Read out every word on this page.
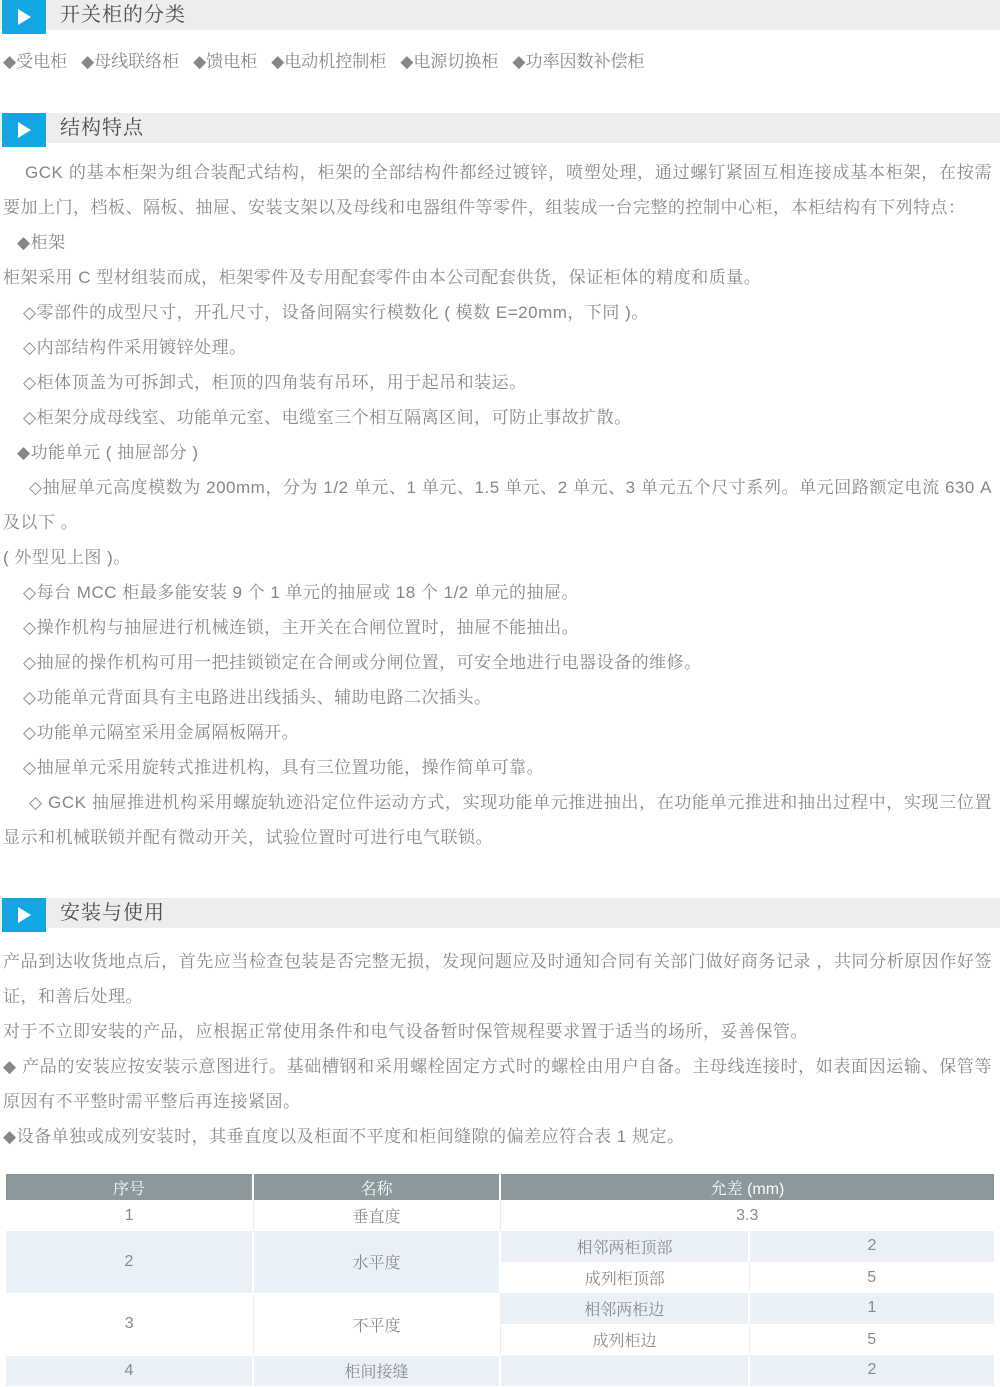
开关柜的分类

◆受电柜 ◆母线联络柜 ◆馈电柜 ◆电动机控制柜 ◆电源切换柜 ◆功率因数补偿柜

结构特点

GCK 的基本柜架为组合装配式结构，柜架的全部结构件都经过镀锌，喷塑处理，通过螺钉紧固互相连接成基本柜架，在按需要加上门，档板、隔板、抽屉、安装支架以及母线和电器组件等零件，组装成一台完整的控制中心柜，本柜结构有下列特点：

◆柜架

柜架采用 C 型材组装而成，柜架零件及专用配套零件由本公司配套供货，保证柜体的精度和质量。

◇零部件的成型尺寸，开孔尺寸，设备间隔实行模数化 ( 模数 E=20mm，下同 )。

◇内部结构件采用镀锌处理。

◇柜体顶盖为可拆卸式，柜顶的四角装有吊环，用于起吊和装运。

◇柜架分成母线室、功能单元室、电缆室三个相互隔离区间，可防止事故扩散。

◆功能单元 ( 抽屉部分 )

◇抽屉单元高度模数为 200mm，分为 1/2 单元、1 单元、1.5 单元、2 单元、3 单元五个尺寸系列。单元回路额定电流 630 A 及以下 。

( 外型见上图 )。

◇每台 MCC 柜最多能安装 9 个 1 单元的抽屉或 18 个 1/2 单元的抽屉。

◇操作机构与抽屉进行机械连锁，主开关在合闸位置时，抽屉不能抽出。

◇抽屉的操作机构可用一把挂锁锁定在合闸或分闸位置，可安全地进行电器设备的维修。

◇功能单元背面具有主电路进出线插头、辅助电路二次插头。

◇功能单元隔室采用金属隔板隔开。

◇抽屉单元采用旋转式推进机构，具有三位置功能，操作简单可靠。

◇ GCK 抽屉推进机构采用螺旋轨迹沿定位件运动方式，实现功能单元推进抽出，在功能单元推进和抽出过程中，实现三位置显示和机械联锁并配有微动开关，试验位置时可进行电气联锁。

安装与使用

产品到达收货地点后，首先应当检查包装是否完整无损，发现问题应及时通知合同有关部门做好商务记录 ，共同分析原因作好签证，和善后处理。

对于不立即安装的产品，应根据正常使用条件和电气设备暂时保管规程要求置于适当的场所，妥善保管。

◆ 产品的安装应按安装示意图进行。基础槽钢和采用螺栓固定方式时的螺栓由用户自备。主母线连接时，如表面因运输、保管等原因有不平整时需平整后再连接紧固。

◆设备单独或成列安装时，其垂直度以及柜面不平度和柜间缝隙的偏差应符合表 1 规定。

序号	名称	允差 (mm)	
1	垂直度	3.3	
2	水平度	相邻两柜顶部	2
		成列柜顶部	5
3	不平度	相邻两柜边	1
		成列柜边	5
4	柜间接缝		2
